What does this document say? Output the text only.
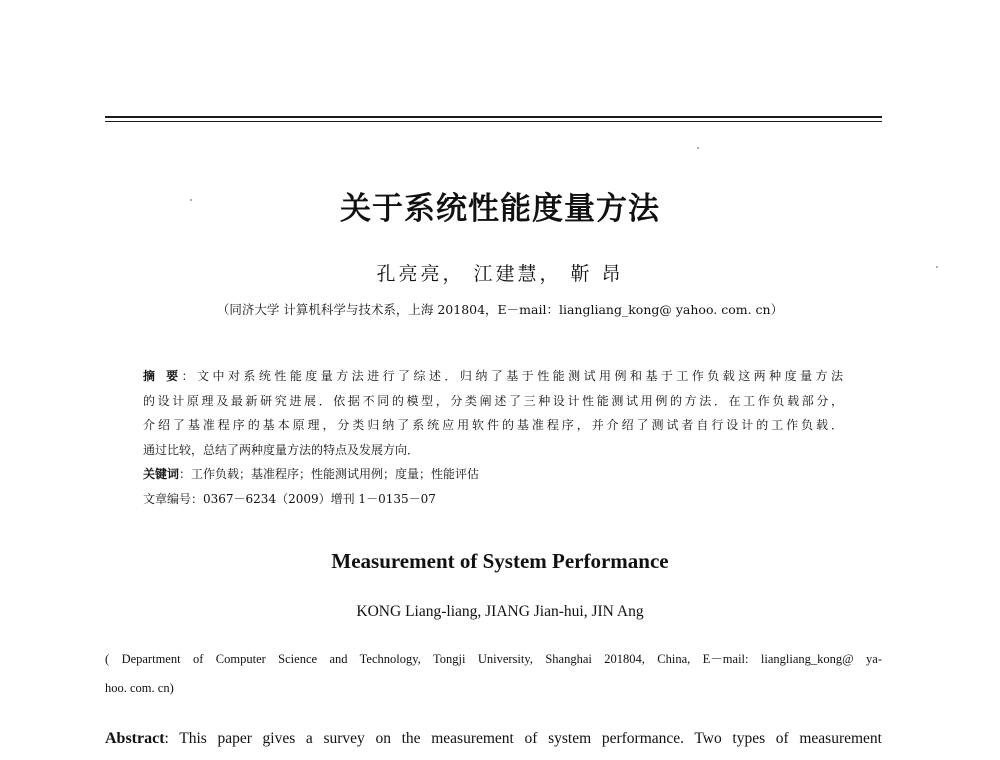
关于系统性能度量方法
孔亮亮， 江建慧， 靳 昂
（同济大学 计算机科学与技术系，上海 201804，E－mail：liangliang_kong@ yahoo. com. cn）
摘 要：文中对系统性能度量方法进行了综述．归纳了基于性能测试用例和基于工作负载这两种度量方法
的设计原理及最新研究进展．依据不同的模型，分类阐述了三种设计性能测试用例的方法．在工作负载部分，
介绍了基准程序的基本原理，分类归纳了系统应用软件的基准程序，并介绍了测试者自行设计的工作负载．
通过比较，总结了两种度量方法的特点及发展方向．
关键词：工作负载；基准程序；性能测试用例；度量；性能评估
文章编号：0367－6234（2009）增刊 1－0135－07
Measurement of System Performance
KONG Liang-liang, JIANG Jian-hui, JIN Ang
( Department of Computer Science and Technology, Tongji University, Shanghai 201804, China, E－mail: liangliang_kong@ ya-
hoo. com. cn)
Abstract: This paper gives a survey on the measurement of system performance. Two types of measurement
